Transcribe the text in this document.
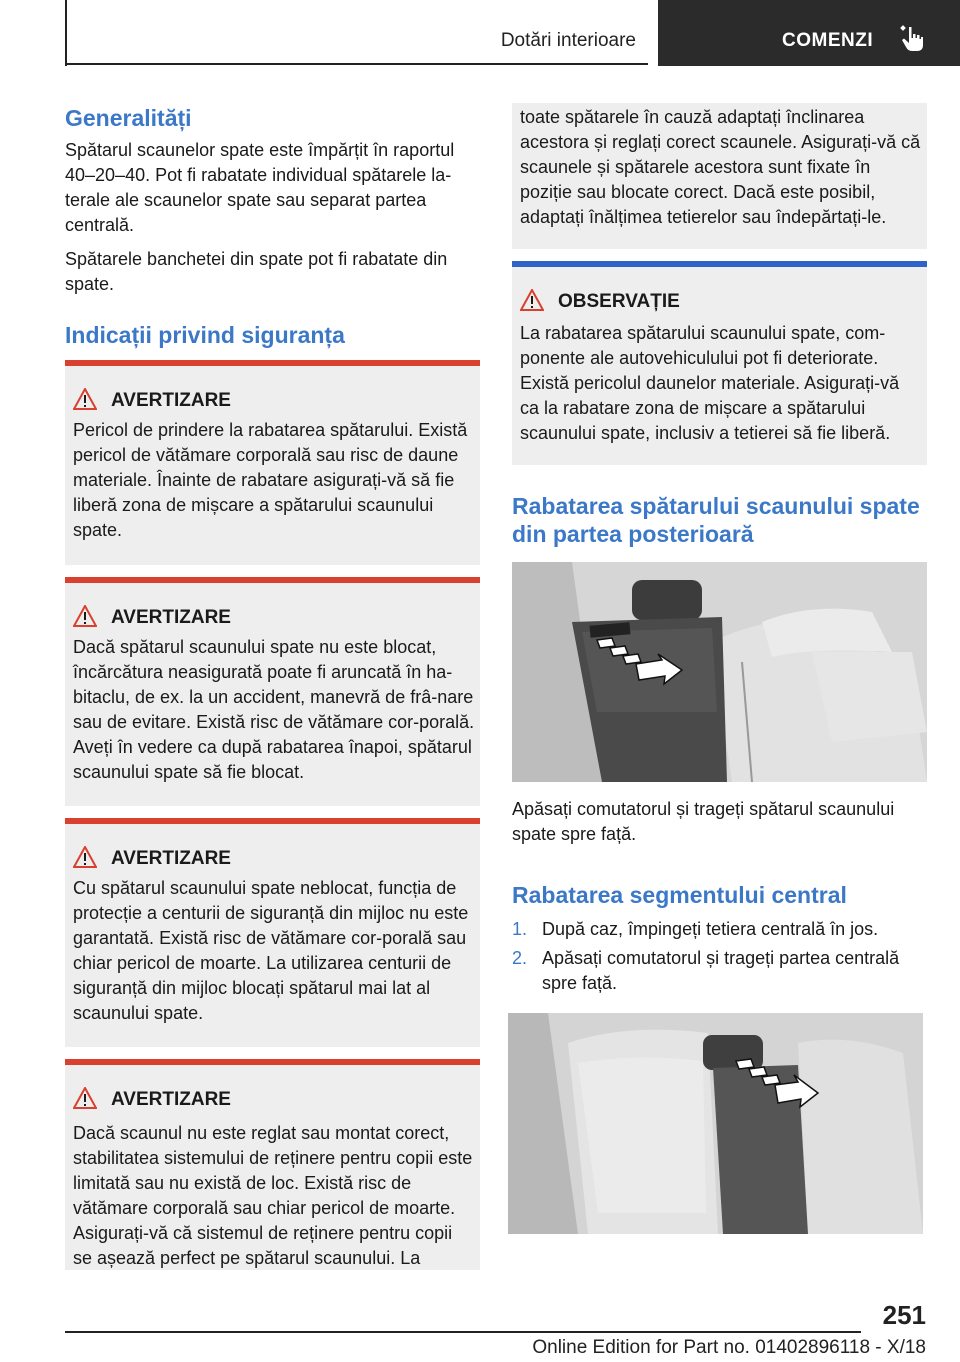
Dotări interioare	COMENZI
Generalități

Spătarul scaunelor spate este împărțit în raportul 40–20–40. Pot fi rabatate individual spătarele la-terale ale scaunelor spate sau separat partea centrală.

Spătarele banchetei din spate pot fi rabatate din spate.

Indicații privind siguranța
AVERTIZARE

Pericol de prindere la rabatarea spătarului. Există pericol de vătămare corporală sau risc de daune materiale. Înainte de rabatare asigurați-vă să fie liberă zona de mișcare a spătarului scaunului spate.

AVERTIZARE

Dacă spătarul scaunului spate nu este blocat, încărcătura neasigurată poate fi aruncată în ha-bitaclu, de ex. la un accident, manevră de frâ-nare sau de evitare. Există risc de vătămare cor-porală. Aveți în vedere ca după rabatarea înapoi, spătarul scaunului spate să fie blocat.

AVERTIZARE

Cu spătarul scaunului spate neblocat, funcția de protecție a centurii de siguranță din mijloc nu este garantată. Există risc de vătămare cor-porală sau chiar pericol de moarte. La utilizarea centurii de siguranță din mijloc blocați spătarul mai lat al scaunului spate.

AVERTIZARE

Dacă scaunul nu este reglat sau montat corect, stabilitatea sistemului de reținere pentru copii este limitată sau nu există de loc. Există risc de vătămare corporală sau chiar pericol de moarte. Asigurați-vă că sistemul de reținere pentru copii se așează perfect pe spătarul scaunului. La

toate spătarele în cauză adaptați înclinarea acestora și reglați corect scaunele. Asigurați-vă că scaunele și spătarele acestora sunt fixate în poziție sau blocate corect. Dacă este posibil, adaptați înălțimea tetierelor sau îndepărtați-le.

OBSERVAȚIE

La rabatarea spătarului scaunului spate, com-ponente ale autovehiculului pot fi deteriorate. Există pericolul daunelor materiale. Asigurați-vă ca la rabatare zona de mișcare a spătarului scaunului spate, inclusiv a tetierei să fie liberă.

Rabatarea spătarului scaunului spate din partea posterioară

Apăsați comutatorul și trageți spătarul scaunului spate spre față.

Rabatarea segmentului central
1. După caz, împingeți tetiera centrală în jos.
2. Apăsați comutatorul și trageți partea centrală spre față.
251
Online Edition for Part no. 01402896118 - X/18
